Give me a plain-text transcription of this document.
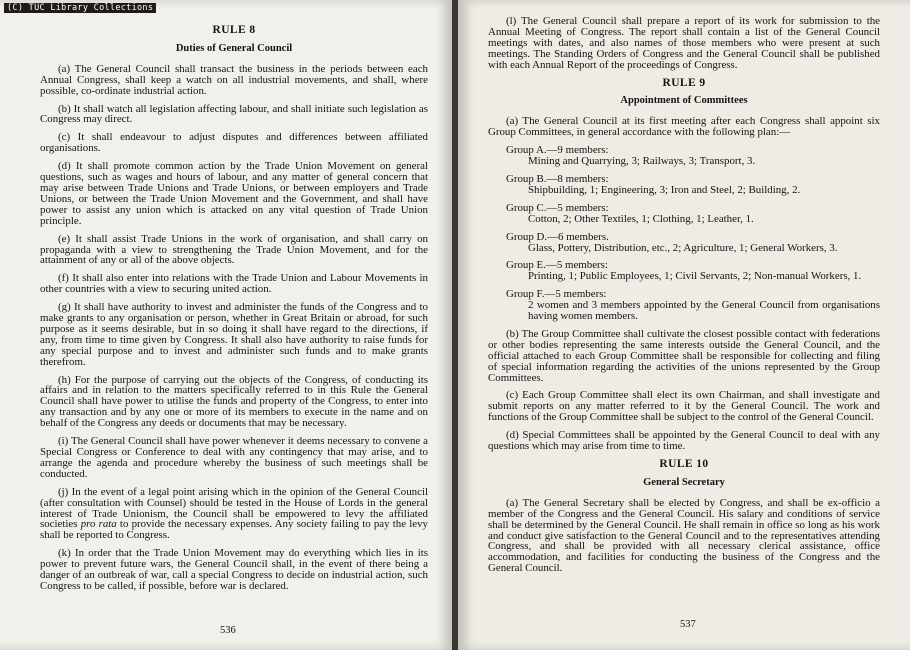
(C) TUC Library Collections
RULE 8
Duties of General Council

(a) The General Council shall transact the business in the periods between each Annual Congress, shall keep a watch on all industrial movements, and shall, where possible, co-ordinate industrial action.

(b) It shall watch all legislation affecting labour, and shall initiate such legislation as Congress may direct.

(c) It shall endeavour to adjust disputes and differences between affiliated organisations.

(d) It shall promote common action by the Trade Union Movement on general questions, such as wages and hours of labour, and any matter of general concern that may arise between Trade Unions and Trade Unions, or between employers and Trade Unions, or between the Trade Union Movement and the Government, and shall have power to assist any union which is attacked on any vital question of Trade Union principle.

(e) It shall assist Trade Unions in the work of organisation, and shall carry on propaganda with a view to strengthening the Trade Union Movement, and for the attainment of any or all of the above objects.

(f) It shall also enter into relations with the Trade Union and Labour Movements in other countries with a view to securing united action.

(g) It shall have authority to invest and administer the funds of the Congress and to make grants to any organisation or person, whether in Great Britain or abroad, for such purpose as it seems desirable, but in so doing it shall have regard to the directions, if any, from time to time given by Congress. It shall also have authority to raise funds for any special purpose and to invest and administer such funds and to make grants therefrom.

(h) For the purpose of carrying out the objects of the Congress, of conducting its affairs and in relation to the matters specifically referred to in this Rule the General Council shall have power to utilise the funds and property of the Congress, to enter into any transaction and by any one or more of its members to execute in the name and on behalf of the Congress any deeds or documents that may be necessary.

(i) The General Council shall have power whenever it deems necessary to convene a Special Congress or Conference to deal with any contingency that may arise, and to arrange the agenda and procedure whereby the business of such meetings shall be conducted.

(j) In the event of a legal point arising which in the opinion of the General Council (after consultation with Counsel) should be tested in the House of Lords in the general interest of Trade Unionism, the Council shall be empowered to levy the affiliated societies pro rata to provide the necessary expenses. Any society failing to pay the levy shall be reported to Congress.

(k) In order that the Trade Union Movement may do everything which lies in its power to prevent future wars, the General Council shall, in the event of there being a danger of an outbreak of war, call a special Congress to decide on industrial action, such Congress to be called, if possible, before war is declared.

536

(l) The General Council shall prepare a report of its work for submission to the Annual Meeting of Congress. The report shall contain a list of the General Council meetings with dates, and also names of those members who were present at such meetings. The Standing Orders of Congress and the General Council shall be published with each Annual Report of the proceedings of Congress.

RULE 9
Appointment of Committees

(a) The General Council at its first meeting after each Congress shall appoint six Group Committees, in general accordance with the following plan:—

Group A.—9 members:
Mining and Quarrying, 3; Railways, 3; Transport, 3.
Group B.—8 members:
Shipbuilding, 1; Engineering, 3; Iron and Steel, 2; Building, 2.
Group C.—5 members:
Cotton, 2; Other Textiles, 1; Clothing, 1; Leather, 1.
Group D.—6 members.
Glass, Pottery, Distribution, etc., 2; Agriculture, 1; General Workers, 3.
Group E.—5 members:
Printing, 1; Public Employees, 1; Civil Servants, 2; Non-manual Workers, 1.
Group F.—5 members:
2 women and 3 members appointed by the General Council from organisations having women members.

(b) The Group Committee shall cultivate the closest possible contact with federations or other bodies representing the same interests outside the General Council, and the official attached to each Group Committee shall be responsible for collecting and filing of special information regarding the activities of the unions represented by the Group Committees.

(c) Each Group Committee shall elect its own Chairman, and shall investigate and submit reports on any matter referred to it by the General Council. The work and functions of the Group Committee shall be subject to the control of the General Council.

(d) Special Committees shall be appointed by the General Council to deal with any questions which may arise from time to time.

RULE 10
General Secretary

(a) The General Secretary shall be elected by Congress, and shall be ex-officio a member of the Congress and the General Council. His salary and conditions of service shall be determined by the General Council. He shall remain in office so long as his work and conduct give satisfaction to the General Council and to the representatives attending Congress, and shall be provided with all necessary clerical assistance, office accommodation, and facilities for conducting the business of the Congress and the General Council.

537
